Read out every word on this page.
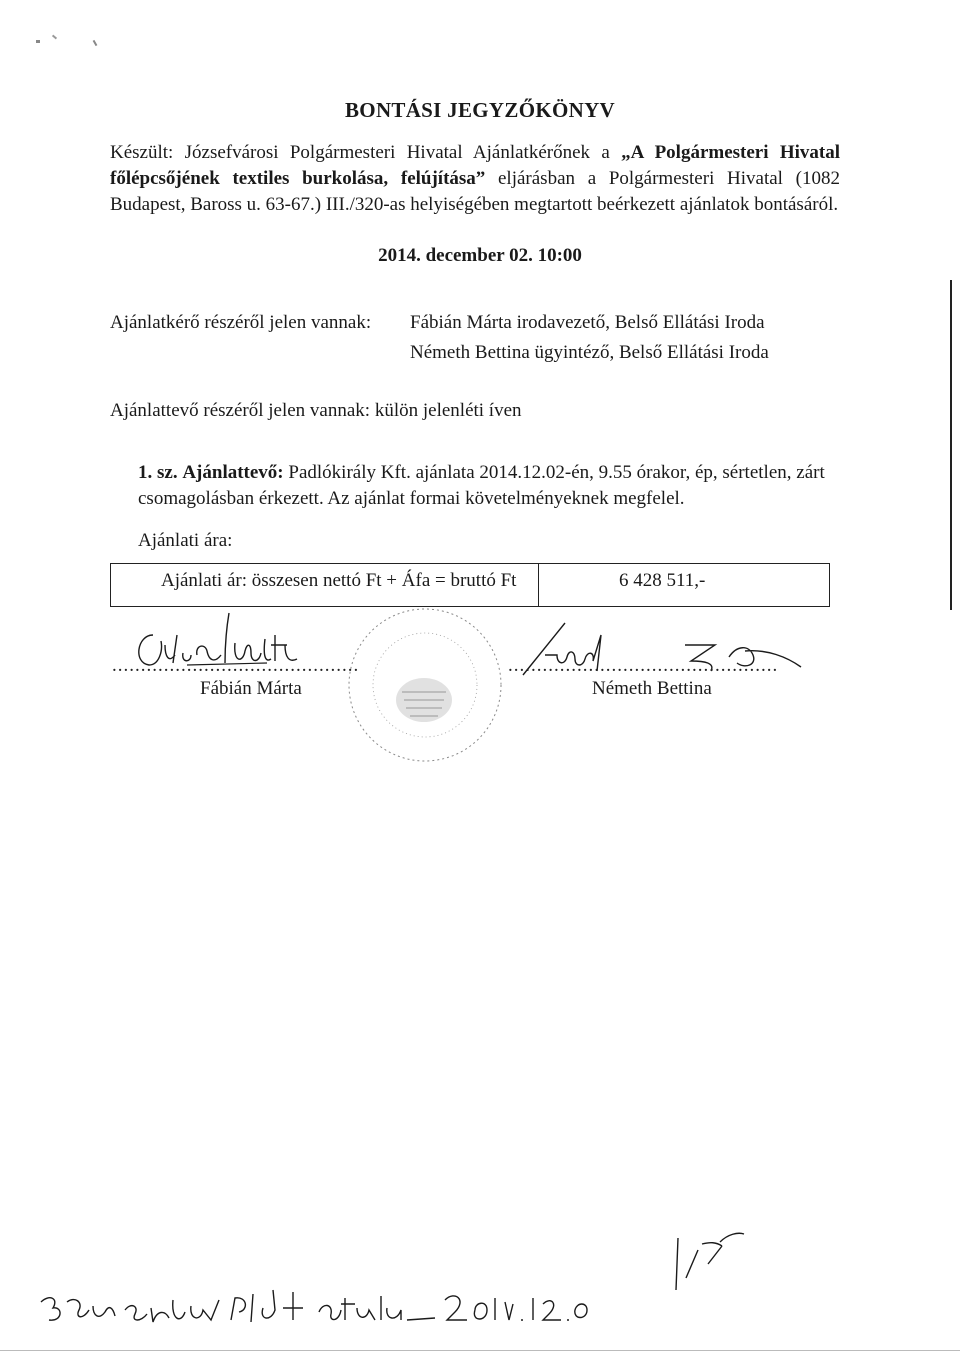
BONTÁSI JEGYZŐKÖNYV
Készült: Józsefvárosi Polgármesteri Hivatal Ajánlatkérőnek a „A Polgármesteri Hivatal főlépcsőjének textiles burkolása, felújítása” eljárásban a Polgármesteri Hivatal (1082 Budapest, Baross u. 63-67.) III./320-as helyiségében megtartott beérkezett ajánlatok bontásáról.
2014. december 02. 10:00
Ajánlatkérő részéről jelen vannak: Fábián Márta irodavezető, Belső Ellátási Iroda
Németh Bettina ügyintéző, Belső Ellátási Iroda
Ajánlattevő részéről jelen vannak: külön jelenléti íven
1. sz. Ajánlattevő: Padlókirály Kft. ajánlata 2014.12.02-én, 9.55 órakor, ép, sértetlen, zárt csomagolásban érkezett. Az ajánlat formai követelményeknek megfelel.
Ajánlati ára:
Ajánlati ár: összesen nettó Ft + Áfa = bruttó Ft	6 428 511,-
...........................................
Fábián Márta
...............................................
Németh Bettina
